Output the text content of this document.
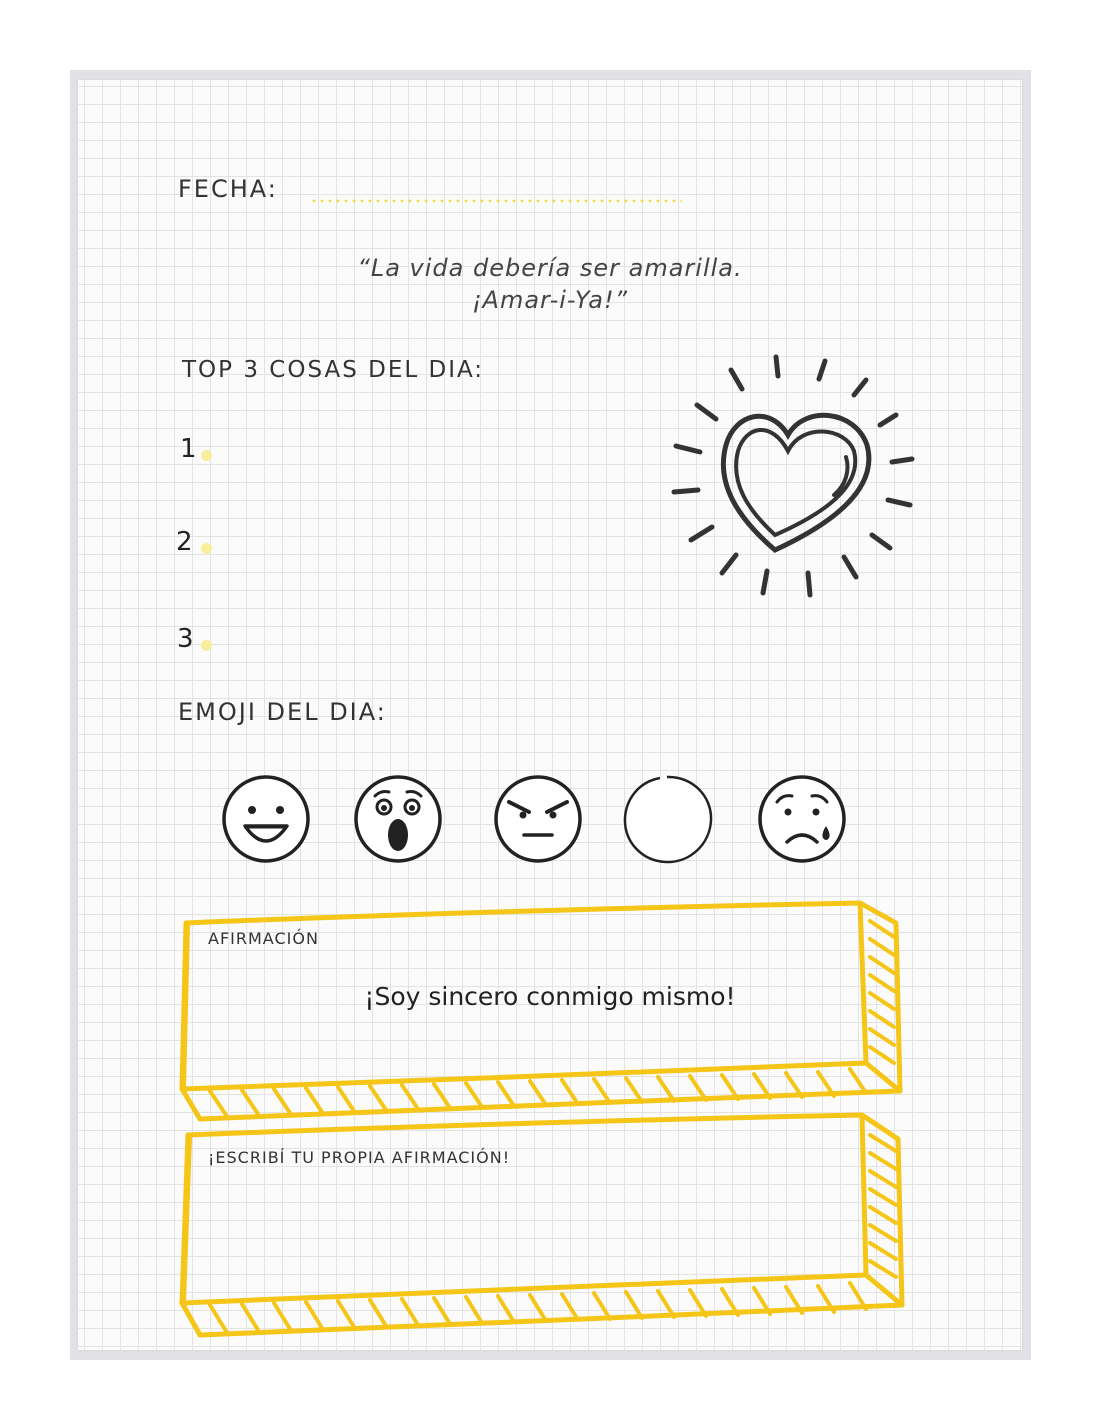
FECHA:
“La vida debería ser amarilla.
¡Amar-i-Ya!”
TOP 3 COSAS DEL DIA:
1
2
3
EMOJI DEL DIA:
AFIRMACIÓN
¡Soy sincero conmigo mismo!
¡ESCRIBÍ TU PROPIA AFIRMACIÓN!
